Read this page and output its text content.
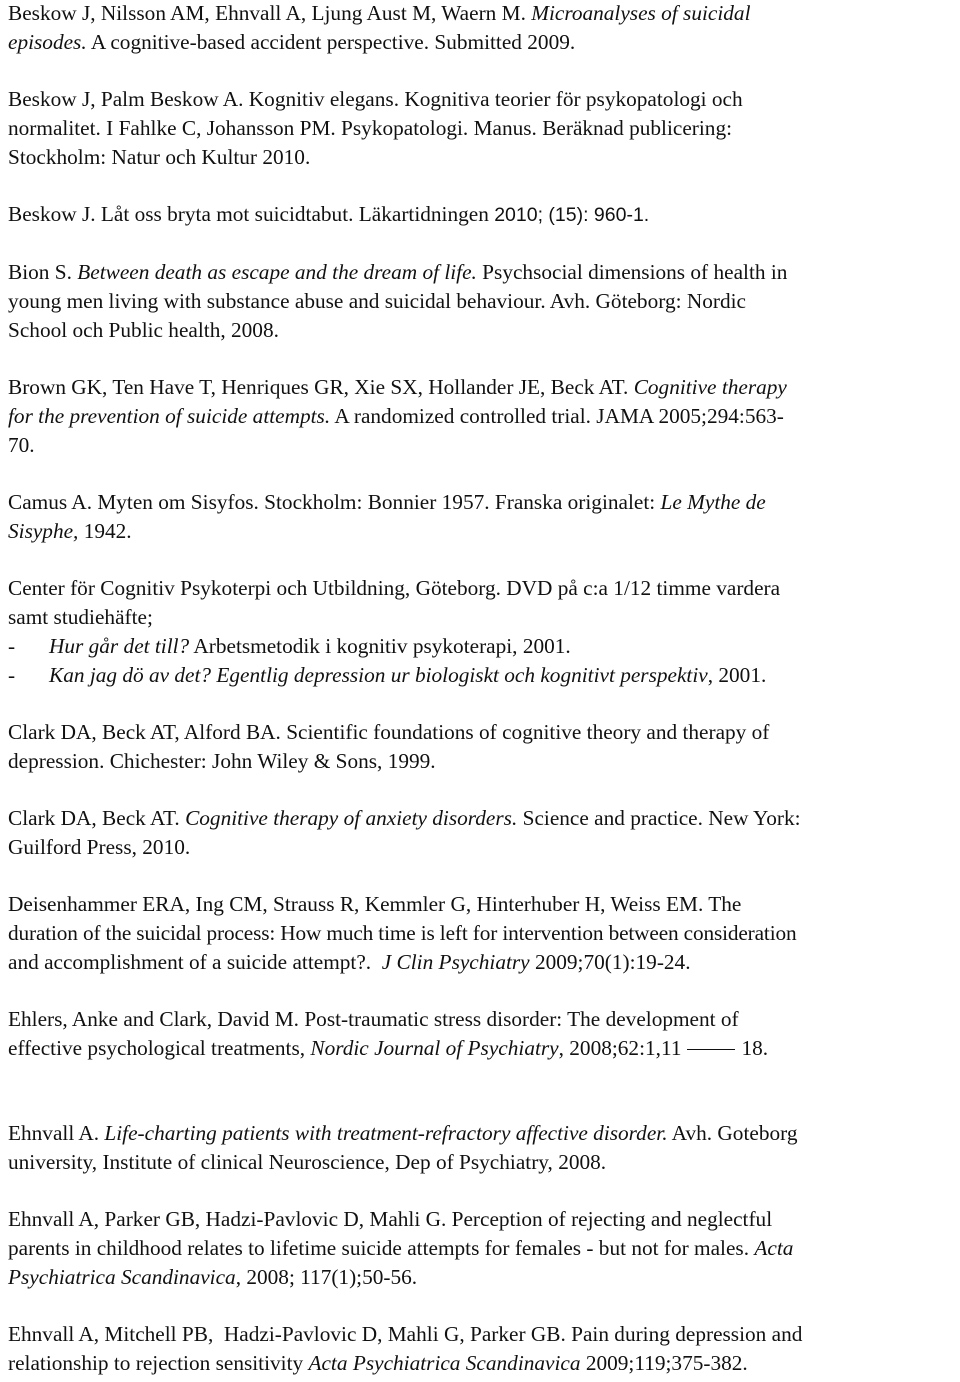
Beskow J, Nilsson AM, Ehnvall A, Ljung Aust M, Waern M. Microanalyses of suicidal
episodes. A cognitive-based accident perspective. Submitted 2009.
Beskow J, Palm Beskow A. Kognitiv elegans. Kognitiva teorier för psykopatologi och
normalitet. I Fahlke C, Johansson PM. Psykopatologi. Manus. Beräknad publicering:
Stockholm: Natur och Kultur 2010.
Beskow J. Låt oss bryta mot suicidtabut. Läkartidningen 2010; (15): 960-1.
Bion S. Between death as escape and the dream of life. Psychsocial dimensions of health in
young men living with substance abuse and suicidal behaviour. Avh. Göteborg: Nordic
School och Public health, 2008.
Brown GK, Ten Have T, Henriques GR, Xie SX, Hollander JE, Beck AT. Cognitive therapy
for the prevention of suicide attempts. A randomized controlled trial. JAMA 2005;294:563-
70.
Camus A. Myten om Sisyfos. Stockholm: Bonnier 1957. Franska originalet: Le Mythe de
Sisyphe, 1942.
Center för Cognitiv Psykoterpi och Utbildning, Göteborg. DVD på c:a 1/12 timme vardera
samt studiehäfte;
- Hur går det till? Arbetsmetodik i kognitiv psykoterapi, 2001.
- Kan jag dö av det? Egentlig depression ur biologiskt och kognitivt perspektiv, 2001.
Clark DA, Beck AT, Alford BA. Scientific foundations of cognitive theory and therapy of
depression. Chichester: John Wiley & Sons, 1999.
Clark DA, Beck AT. Cognitive therapy of anxiety disorders. Science and practice. New York:
Guilford Press, 2010.
Deisenhammer ERA, Ing CM, Strauss R, Kemmler G, Hinterhuber H, Weiss EM. The
duration of the suicidal process: How much time is left for intervention between consideration
and accomplishment of a suicide attempt?.  J Clin Psychiatry 2009;70(1):19-24.
Ehlers, Anke and Clark, David M. Post-traumatic stress disorder: The development of
effective psychological treatments, Nordic Journal of Psychiatry, 2008;62:1,11	18.
Ehnvall A. Life-charting patients with treatment-refractory affective disorder. Avh. Goteborg
university, Institute of clinical Neuroscience, Dep of Psychiatry, 2008.
Ehnvall A, Parker GB, Hadzi-Pavlovic D, Mahli G. Perception of rejecting and neglectful
parents in childhood relates to lifetime suicide attempts for females - but not for males. Acta
Psychiatrica Scandinavica, 2008; 117(1);50-56.
Ehnvall A, Mitchell PB,  Hadzi-Pavlovic D, Mahli G, Parker GB. Pain during depression and
relationship to rejection sensitivity Acta Psychiatrica Scandinavica 2009;119;375-382.
